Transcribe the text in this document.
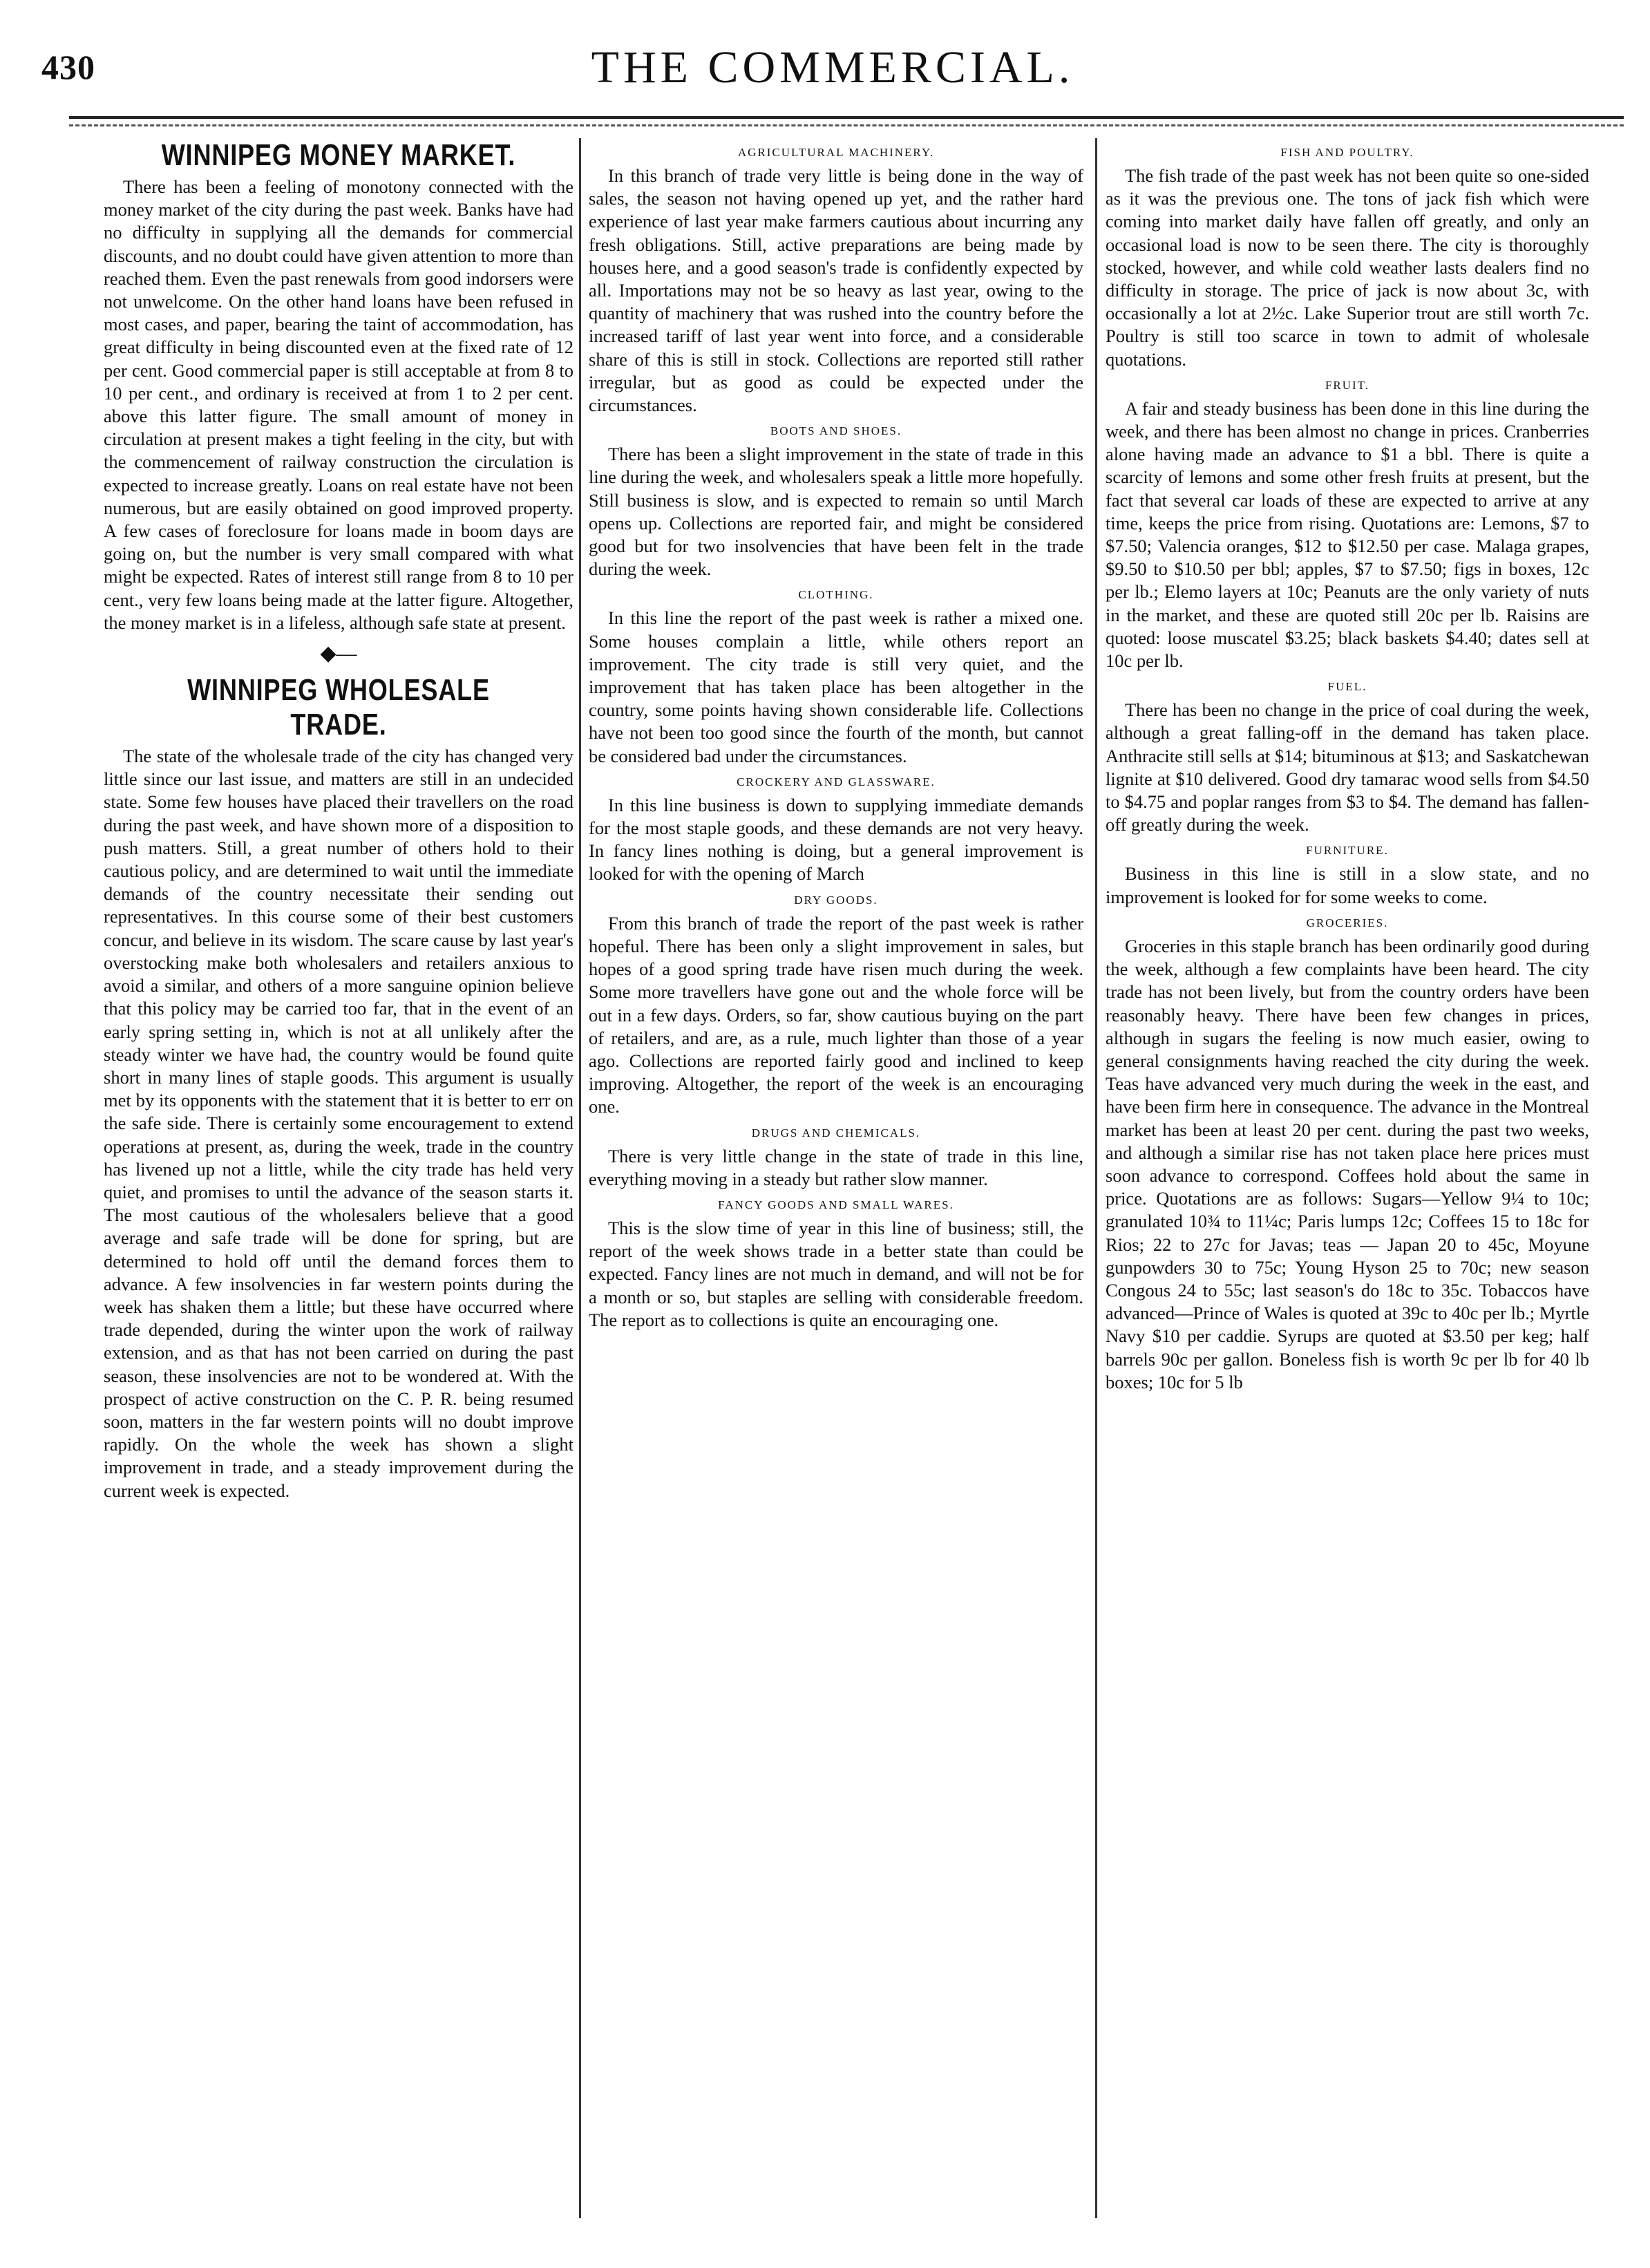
430	THE COMMERCIAL.
WINNIPEG MONEY MARKET.

There has been a feeling of monotony connected with the money market of the city during the past week. Banks have had no difficulty in supplying all the demands for commercial discounts, and no doubt could have given attention to more than reached them. Even the past renewals from good indorsers were not unwelcome. On the other hand loans have been refused in most cases, and paper, bearing the taint of accommodation, has great difficulty in being discounted even at the fixed rate of 12 per cent. Good commercial paper is still acceptable at from 8 to 10 per cent., and ordinary is received at from 1 to 2 per cent. above this latter figure. The small amount of money in circulation at present makes a tight feeling in the city, but with the commencement of railway construction the circulation is expected to increase greatly. Loans on real estate have not been numerous, but are easily obtained on good improved property. A few cases of foreclosure for loans made in boom days are going on, but the number is very small compared with what might be expected. Rates of interest still range from 8 to 10 per cent., very few loans being made at the latter figure. Altogether, the money market is in a lifeless, although safe state at present.

◆—
WINNIPEG WHOLESALE TRADE.

The state of the wholesale trade of the city has changed very little since our last issue, and matters are still in an undecided state. Some few houses have placed their travellers on the road during the past week, and have shown more of a disposition to push matters. Still, a great number of others hold to their cautious policy, and are determined to wait until the immediate demands of the country necessitate their sending out representatives. In this course some of their best customers concur, and believe in its wisdom. The scare cause by last year's overstocking make both wholesalers and retailers anxious to avoid a similar, and others of a more sanguine opinion believe that this policy may be carried too far, that in the event of an early spring setting in, which is not at all unlikely after the steady winter we have had, the country would be found quite short in many lines of staple goods. This argument is usually met by its opponents with the statement that it is better to err on the safe side. There is certainly some encouragement to extend operations at present, as, during the week, trade in the country has livened up not a little, while the city trade has held very quiet, and promises to until the advance of the season starts it. The most cautious of the wholesalers believe that a good average and safe trade will be done for spring, but are determined to hold off until the demand forces them to advance. A few insolvencies in far western points during the week has shaken them a little; but these have occurred where trade depended, during the winter upon the work of railway extension, and as that has not been carried on during the past season, these insolvencies are not to be wondered at. With the prospect of active construction on the C. P. R. being resumed soon, matters in the far western points will no doubt improve rapidly. On the whole the week has shown a slight improvement in trade, and a steady improvement during the current week is expected.

AGRICULTURAL MACHINERY.

In this branch of trade very little is being done in the way of sales, the season not having opened up yet, and the rather hard experience of last year make farmers cautious about incurring any fresh obligations. Still, active preparations are being made by houses here, and a good season's trade is confidently expected by all. Importations may not be so heavy as last year, owing to the quantity of machinery that was rushed into the country before the increased tariff of last year went into force, and a considerable share of this is still in stock. Collections are reported still rather irregular, but as good as could be expected under the circumstances.

BOOTS AND SHOES.

There has been a slight improvement in the state of trade in this line during the week, and wholesalers speak a little more hopefully. Still business is slow, and is expected to remain so until March opens up. Collections are reported fair, and might be considered good but for two insolvencies that have been felt in the trade during the week.

CLOTHING.

In this line the report of the past week is rather a mixed one. Some houses complain a little, while others report an improvement. The city trade is still very quiet, and the improvement that has taken place has been altogether in the country, some points having shown considerable life. Collections have not been too good since the fourth of the month, but cannot be considered bad under the circumstances.

CROCKERY AND GLASSWARE.

In this line business is down to supplying immediate demands for the most staple goods, and these demands are not very heavy. In fancy lines nothing is doing, but a general improvement is looked for with the opening of March

DRY GOODS.

From this branch of trade the report of the past week is rather hopeful. There has been only a slight improvement in sales, but hopes of a good spring trade have risen much during the week. Some more travellers have gone out and the whole force will be out in a few days. Orders, so far, show cautious buying on the part of retailers, and are, as a rule, much lighter than those of a year ago. Collections are reported fairly good and inclined to keep improving. Altogether, the report of the week is an encouraging one.

DRUGS AND CHEMICALS.

There is very little change in the state of trade in this line, everything moving in a steady but rather slow manner.

FANCY GOODS AND SMALL WARES.

This is the slow time of year in this line of business; still, the report of the week shows trade in a better state than could be expected. Fancy lines are not much in demand, and will not be for a month or so, but staples are selling with considerable freedom. The report as to collections is quite an encouraging one.

FISH AND POULTRY.

The fish trade of the past week has not been quite so one-sided as it was the previous one. The tons of jack fish which were coming into market daily have fallen off greatly, and only an occasional load is now to be seen there. The city is thoroughly stocked, however, and while cold weather lasts dealers find no difficulty in storage. The price of jack is now about 3c, with occasionally a lot at 2½c. Lake Superior trout are still worth 7c. Poultry is still too scarce in town to admit of wholesale quotations.

FRUIT.

A fair and steady business has been done in this line during the week, and there has been almost no change in prices. Cranberries alone having made an advance to $1 a bbl. There is quite a scarcity of lemons and some other fresh fruits at present, but the fact that several car loads of these are expected to arrive at any time, keeps the price from rising. Quotations are: Lemons, $7 to $7.50; Valencia oranges, $12 to $12.50 per case. Malaga grapes, $9.50 to $10.50 per bbl; apples, $7 to $7.50; figs in boxes, 12c per lb.; Elemo layers at 10c; Peanuts are the only variety of nuts in the market, and these are quoted still 20c per lb. Raisins are quoted: loose muscatel $3.25; black baskets $4.40; dates sell at 10c per lb.

FUEL.

There has been no change in the price of coal during the week, although a great falling-off in the demand has taken place. Anthracite still sells at $14; bituminous at $13; and Saskatchewan lignite at $10 delivered. Good dry tamarac wood sells from $4.50 to $4.75 and poplar ranges from $3 to $4. The demand has fallen-off greatly during the week.

FURNITURE.

Business in this line is still in a slow state, and no improvement is looked for for some weeks to come.

GROCERIES.

Groceries in this staple branch has been ordinarily good during the week, although a few complaints have been heard. The city trade has not been lively, but from the country orders have been reasonably heavy. There have been few changes in prices, although in sugars the feeling is now much easier, owing to general consignments having reached the city during the week. Teas have advanced very much during the week in the east, and have been firm here in consequence. The advance in the Montreal market has been at least 20 per cent. during the past two weeks, and although a similar rise has not taken place here prices must soon advance to correspond. Coffees hold about the same in price. Quotations are as follows: Sugars—Yellow 9¼ to 10c; granulated 10¾ to 11¼c; Paris lumps 12c; Coffees 15 to 18c for Rios; 22 to 27c for Javas; teas — Japan 20 to 45c, Moyune gunpowders 30 to 75c; Young Hyson 25 to 70c; new season Congous 24 to 55c; last season's do 18c to 35c. Tobaccos have advanced—Prince of Wales is quoted at 39c to 40c per lb.; Myrtle Navy $10 per caddie. Syrups are quoted at $3.50 per keg; half barrels 90c per gallon. Boneless fish is worth 9c per lb for 40 lb boxes; 10c for 5 lb
